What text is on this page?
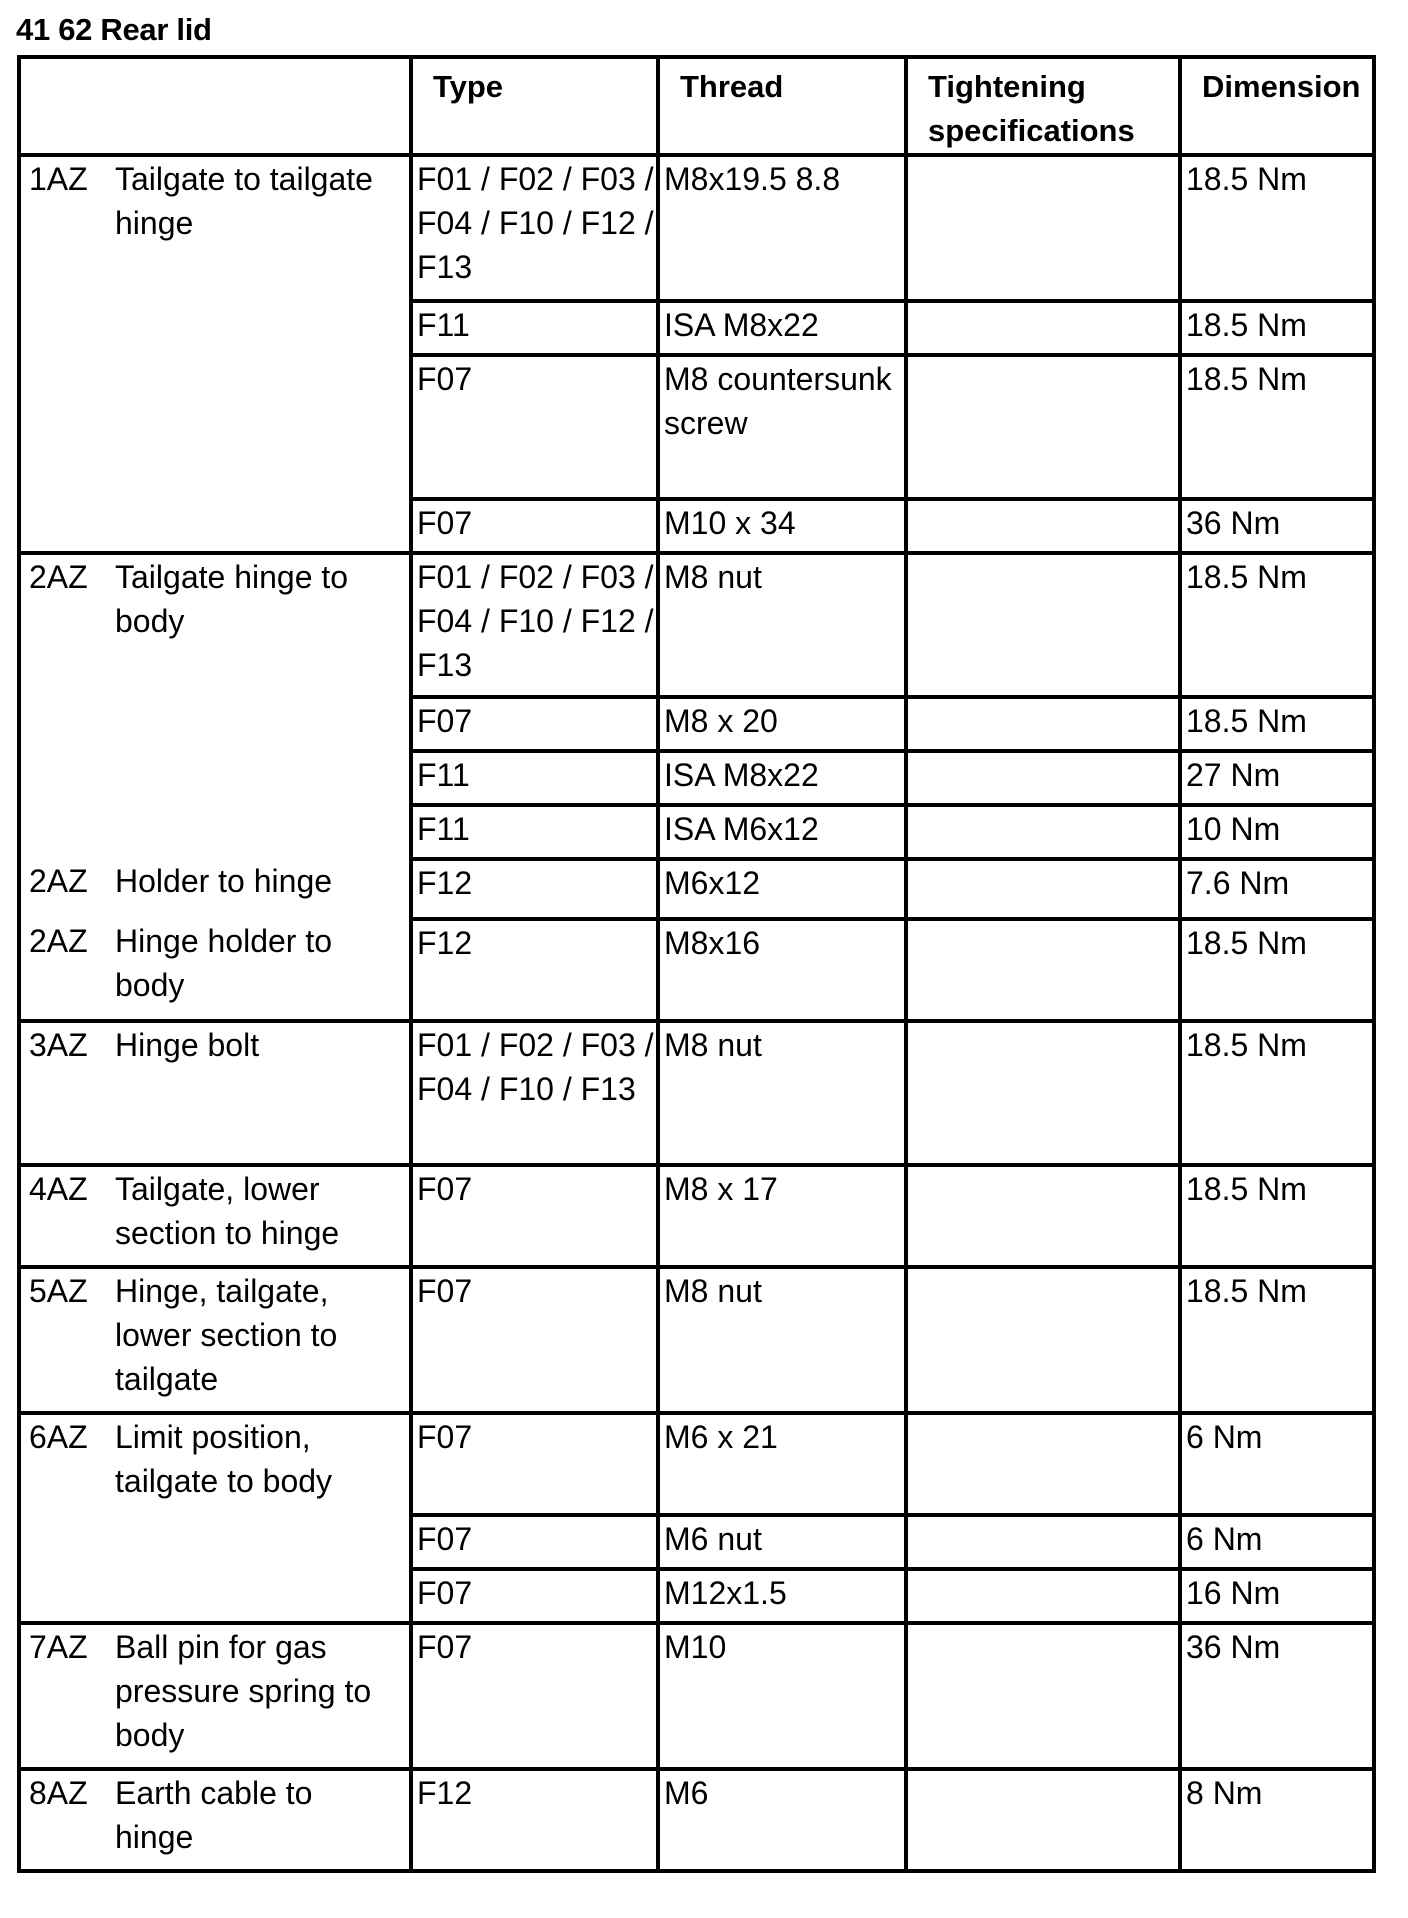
41 62 Rear lid
	Type	Thread	Tightening specifications	Dimension
1AZ Tailgate to tailgate hinge	F01 / F02 / F03 / F04 / F10 / F12 / F13	M8x19.5 8.8		18.5 Nm
	F11	ISA M8x22		18.5 Nm
	F07	M8 countersunk screw		18.5 Nm
	F07	M10 x 34		36 Nm
2AZ Tailgate hinge to body	F01 / F02 / F03 / F04 / F10 / F12 / F13	M8 nut		18.5 Nm
	F07	M8 x 20		18.5 Nm
	F11	ISA M8x22		27 Nm
	F11	ISA M6x12		10 Nm
2AZ Holder to hinge	F12	M6x12		7.6 Nm
2AZ Hinge holder to body	F12	M8x16		18.5 Nm
3AZ Hinge bolt	F01 / F02 / F03 / F04 / F10 / F13	M8 nut		18.5 Nm
4AZ Tailgate, lower section to hinge	F07	M8 x 17		18.5 Nm
5AZ Hinge, tailgate, lower section to tailgate	F07	M8 nut		18.5 Nm
6AZ Limit position, tailgate to body	F07	M6 x 21		6 Nm
	F07	M6 nut		6 Nm
	F07	M12x1.5		16 Nm
7AZ Ball pin for gas pressure spring to body	F07	M10		36 Nm
8AZ Earth cable to hinge	F12	M6		8 Nm
